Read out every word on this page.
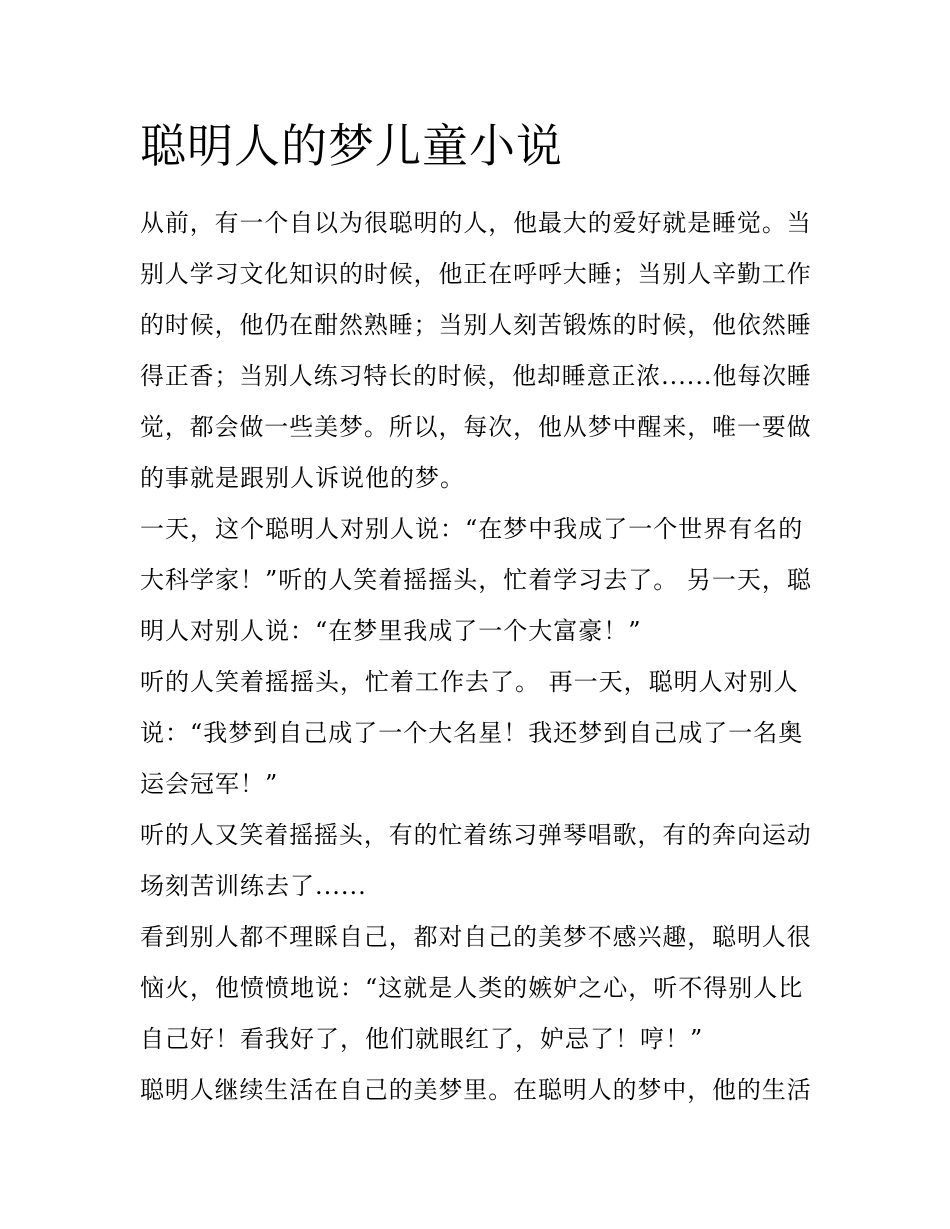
聪明人的梦儿童小说
从前，有一个自以为很聪明的人，他最大的爱好就是睡觉。当
别人学习文化知识的时候，他正在呼呼大睡；当别人辛勤工作
的时候，他仍在酣然熟睡；当别人刻苦锻炼的时候，他依然睡
得正香；当别人练习特长的时候，他却睡意正浓......他每次睡
觉，都会做一些美梦。所以，每次，他从梦中醒来，唯一要做
的事就是跟别人诉说他的梦。
一天，这个聪明人对别人说：“在梦中我成了一个世界有名的
大科学家！”听的人笑着摇摇头，忙着学习去了。 另一天，聪
明人对别人说：“在梦里我成了一个大富豪！”
听的人笑着摇摇头，忙着工作去了。 再一天，聪明人对别人
说：“我梦到自己成了一个大名星！我还梦到自己成了一名奥
运会冠军！”
听的人又笑着摇摇头，有的忙着练习弹琴唱歌，有的奔向运动
场刻苦训练去了......
看到别人都不理睬自己，都对自己的美梦不感兴趣，聪明人很
恼火，他愤愤地说：“这就是人类的嫉妒之心，听不得别人比
自己好！看我好了，他们就眼红了，妒忌了！哼！”
聪明人继续生活在自己的美梦里。在聪明人的梦中，他的生活
